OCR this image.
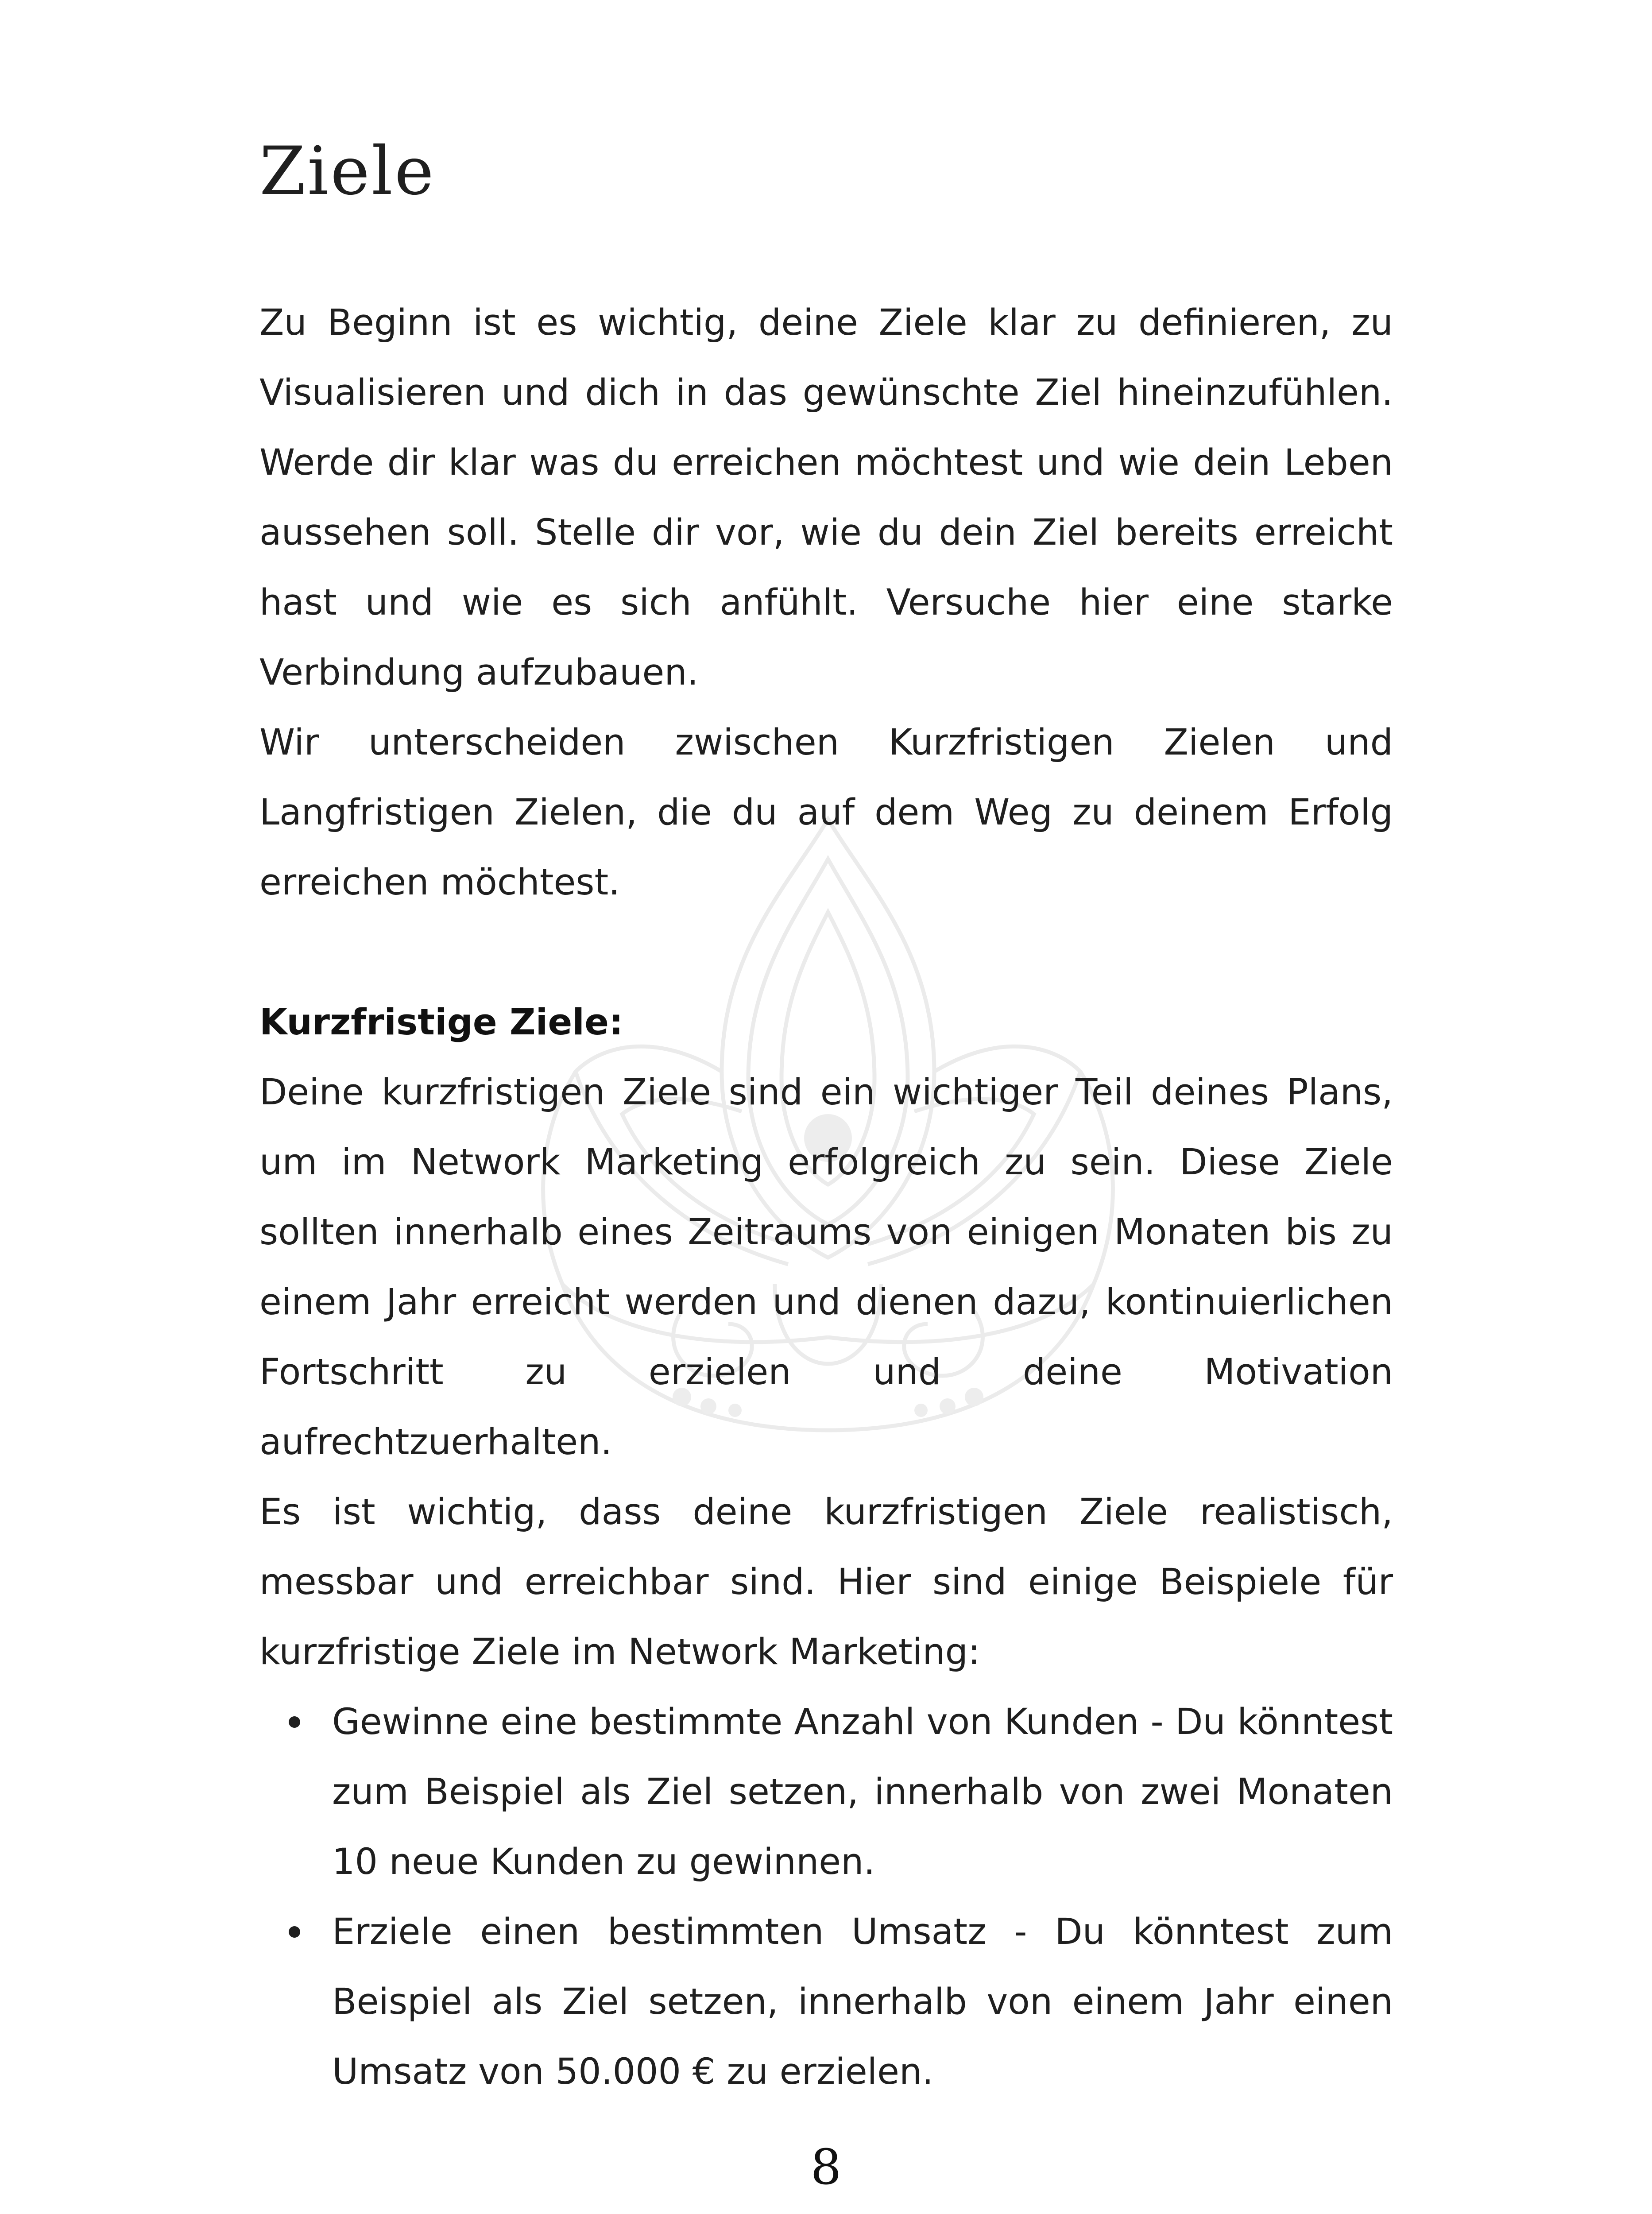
Ziele

Zu Beginn ist es wichtig, deine Ziele klar zu definieren, zu Visualisieren und dich in das gewünschte Ziel hineinzufühlen. Werde dir klar was du erreichen möchtest und wie dein Leben aussehen soll. Stelle dir vor, wie du dein Ziel bereits erreicht hast und wie es sich anfühlt. Versuche hier eine starke Verbindung aufzubauen.

Wir unterscheiden zwischen Kurzfristigen Zielen und Langfristigen Zielen, die du auf dem Weg zu deinem Erfolg erreichen möchtest.

Kurzfristige Ziele:

Deine kurzfristigen Ziele sind ein wichtiger Teil deines Plans, um im Network Marketing erfolgreich zu sein. Diese Ziele sollten innerhalb eines Zeitraums von einigen Monaten bis zu einem Jahr erreicht werden und dienen dazu, kontinuierlichen Fortschritt zu erzielen und deine Motivation aufrechtzuerhalten.

Es ist wichtig, dass deine kurzfristigen Ziele realistisch, messbar und erreichbar sind. Hier sind einige Beispiele für kurzfristige Ziele im Network Marketing:

Gewinne eine bestimmte Anzahl von Kunden - Du könntest zum Beispiel als Ziel setzen, innerhalb von zwei Monaten 10 neue Kunden zu gewinnen.
Erziele einen bestimmten Umsatz - Du könntest zum Beispiel als Ziel setzen, innerhalb von einem Jahr einen Umsatz von 50.000 € zu erzielen.
8
